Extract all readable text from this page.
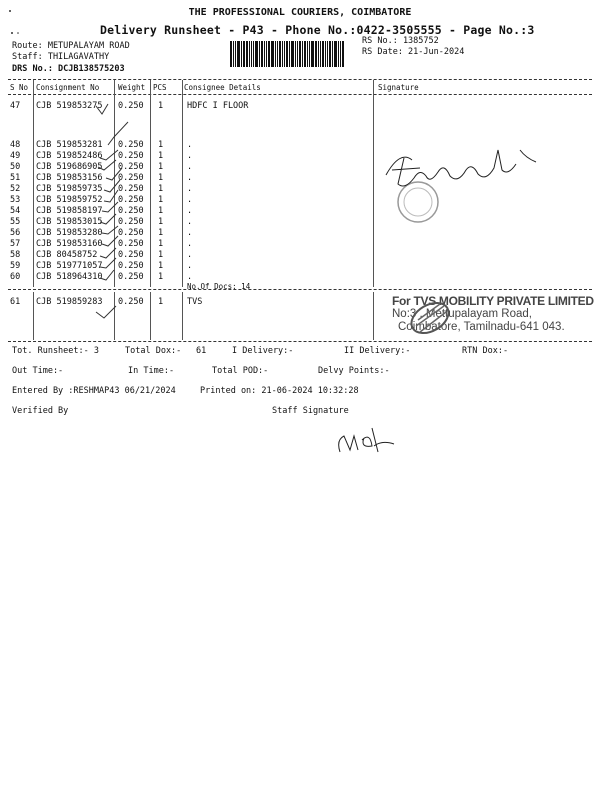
THE PROFESSIONAL COURIERS, COIMBATORE
Delivery Runsheet - P43 - Phone No.:0422-3505555 - Page No.:3
Route: METUPALAYAM ROAD
Staff: THILAGAVATHY
DRS No.: DCJB138575203
RS No.: 1385752
RS Date: 21-Jun-2024
S No Consignment No	Weight PCS Consignee Details	Signature
47 CJB 519853275 0.250 1	HDFC I FLOOR
48 CJB 519853281 0.250 1	.
49 CJB 519852486 0.250 1	.
50 CJB 519686905 0.250 1	.
51 CJB 519853156 0.250 1	.
52 CJB 519859735 0.250 1	.
53 CJB 519859752 0.250 1	.
54 CJB 519858197 0.250 1	.
55 CJB 519853015 0.250 1	.
56 CJB 519853280 0.250 1	.
57 CJB 519853160 0.250 1	.
58 CJB 80458752 0.250 1	.
59 CJB 519771057 0.250 1	.
60 CJB 518964310 0.250 1	.
No.Of Docs: 14
61 CJB 519859283 0.250 1	TVS	For TVS MOBILITY PRIVATE LIMITED
No:3 , Mettupalayam Road,
Coimbatore, Tamilnadu-641 043.
Tot. Runsheet:- 3	Total Dox:- 61	I Delivery:-	II Delivery:-	RTN Dox:-
Out Time:-	In Time:-	Total POD:-	Delvy Points:-
Entered By :RESHMAP43 06/21/2024	Printed on: 21-06-2024 10:32:28
Verified By	Staff Signature
